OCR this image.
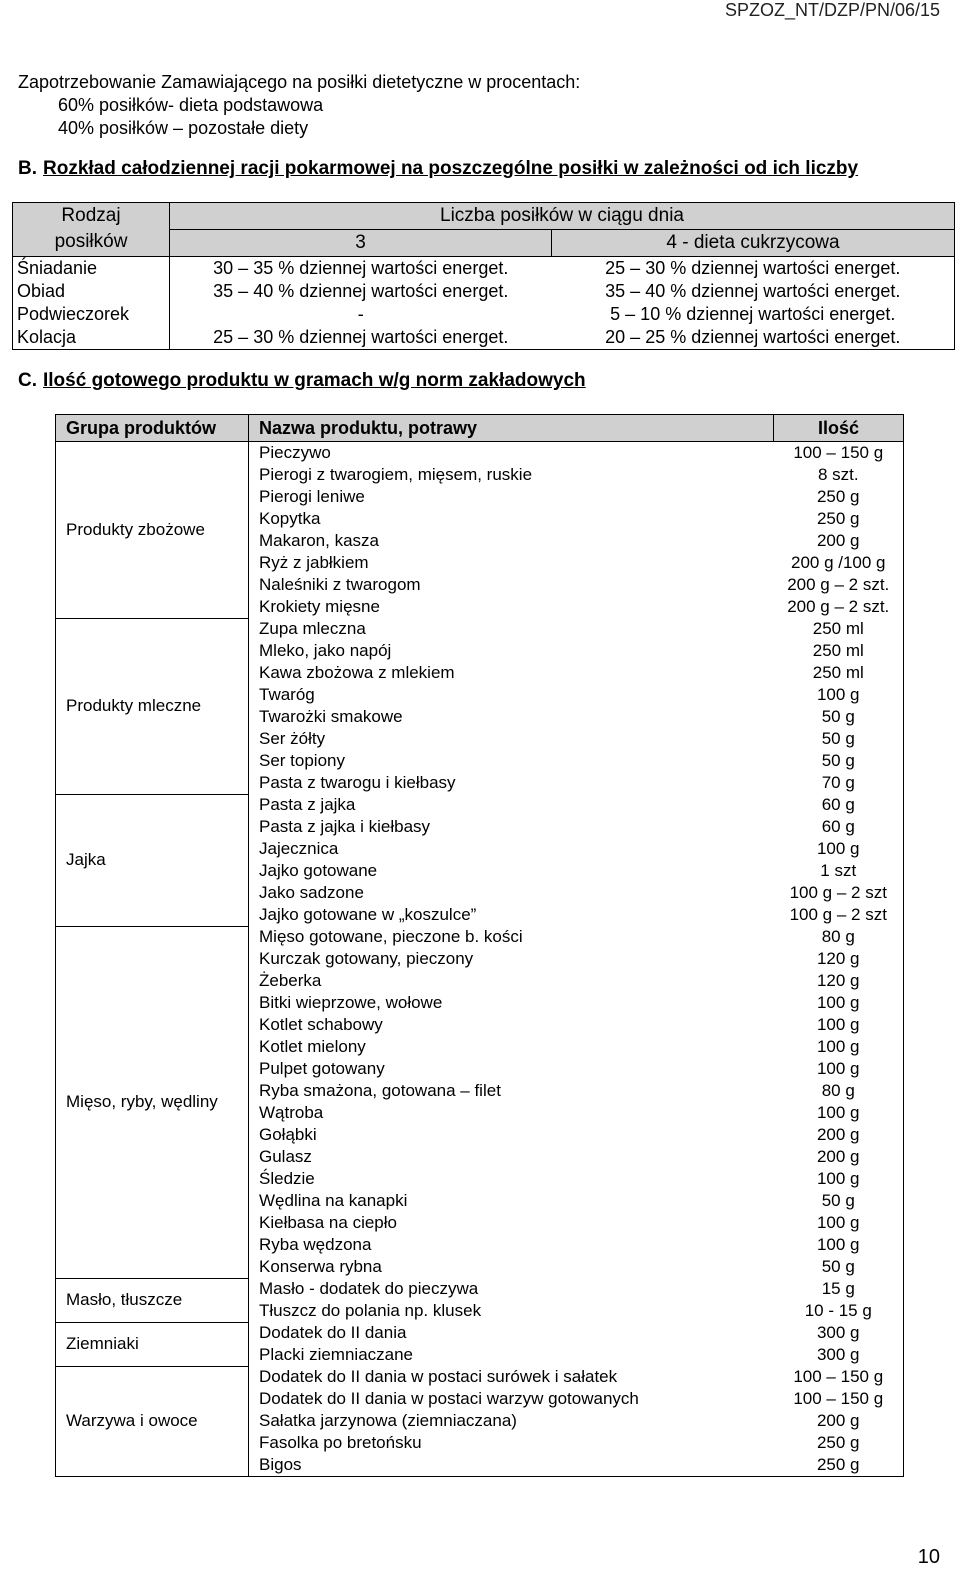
SPZOZ_NT/DZP/PN/06/15
Zapotrzebowanie Zamawiającego na posiłki dietetyczne w procentach:
60% posiłków- dieta podstawowa
40% posiłków – pozostałe diety
B. Rozkład całodziennej racji pokarmowej na poszczególne posiłki w zależności od ich liczby
Rodzaj
posiłków	Liczba posiłków w ciągu dnia	
	3	4 - dieta cukrzycowa
Śniadanie	30 – 35 % dziennej wartości energet.	25 – 30 % dziennej wartości energet.
Obiad	35 – 40 % dziennej wartości energet.	35 – 40 % dziennej wartości energet.
Podwieczorek	-	5 – 10 % dziennej wartości energet.
Kolacja	25 – 30 % dziennej wartości energet.	20 – 25 % dziennej wartości energet.
C. Ilość gotowego produktu w gramach w/g norm zakładowych
Grupa produktów	Nazwa produktu, potrawy	Ilość
Produkty zbożowe	Pieczywo	100 – 150 g
	Pierogi z twarogiem, mięsem, ruskie	8 szt.
	Pierogi leniwe	250 g
	Kopytka	250 g
	Makaron, kasza	200 g
	Ryż z jabłkiem	200 g /100 g
	Naleśniki z twarogom	200 g – 2 szt.
	Krokiety mięsne	200 g – 2 szt.
Produkty mleczne	Zupa mleczna	250 ml
	Mleko, jako napój	250 ml
	Kawa zbożowa z mlekiem	250 ml
	Twaróg	100 g
	Twarożki smakowe	50 g
	Ser żółty	50 g
	Ser topiony	50 g
	Pasta z twarogu i kiełbasy	70 g
Jajka	Pasta z jajka	60 g
	Pasta z jajka i kiełbasy	60 g
	Jajecznica	100 g
	Jajko gotowane	1 szt
	Jako sadzone	100 g – 2 szt
	Jajko gotowane w „koszulce”	100 g – 2 szt
Mięso, ryby, wędliny	Mięso gotowane, pieczone b. kości	80 g
	Kurczak gotowany, pieczony	120 g
	Żeberka	120 g
	Bitki wieprzowe, wołowe	100 g
	Kotlet schabowy	100 g
	Kotlet mielony	100 g
	Pulpet gotowany	100 g
	Ryba smażona, gotowana – filet	80 g
	Wątroba	100 g
	Gołąbki	200 g
	Gulasz	200 g
	Śledzie	100 g
	Wędlina na kanapki	50 g
	Kiełbasa na ciepło	100 g
	Ryba wędzona	100 g
	Konserwa rybna	50 g
Masło, tłuszcze	Masło - dodatek do pieczywa	15 g
	Tłuszcz do polania np. klusek	10 - 15 g
Ziemniaki	Dodatek do II dania	300 g
	Placki ziemniaczane	300 g
Warzywa i owoce	Dodatek do II dania w postaci surówek i sałatek	100 – 150 g
	Dodatek do II dania w postaci warzyw gotowanych	100 – 150 g
	Sałatka jarzynowa (ziemniaczana)	200 g
	Fasolka po bretońsku	250 g
	Bigos	250 g
10
